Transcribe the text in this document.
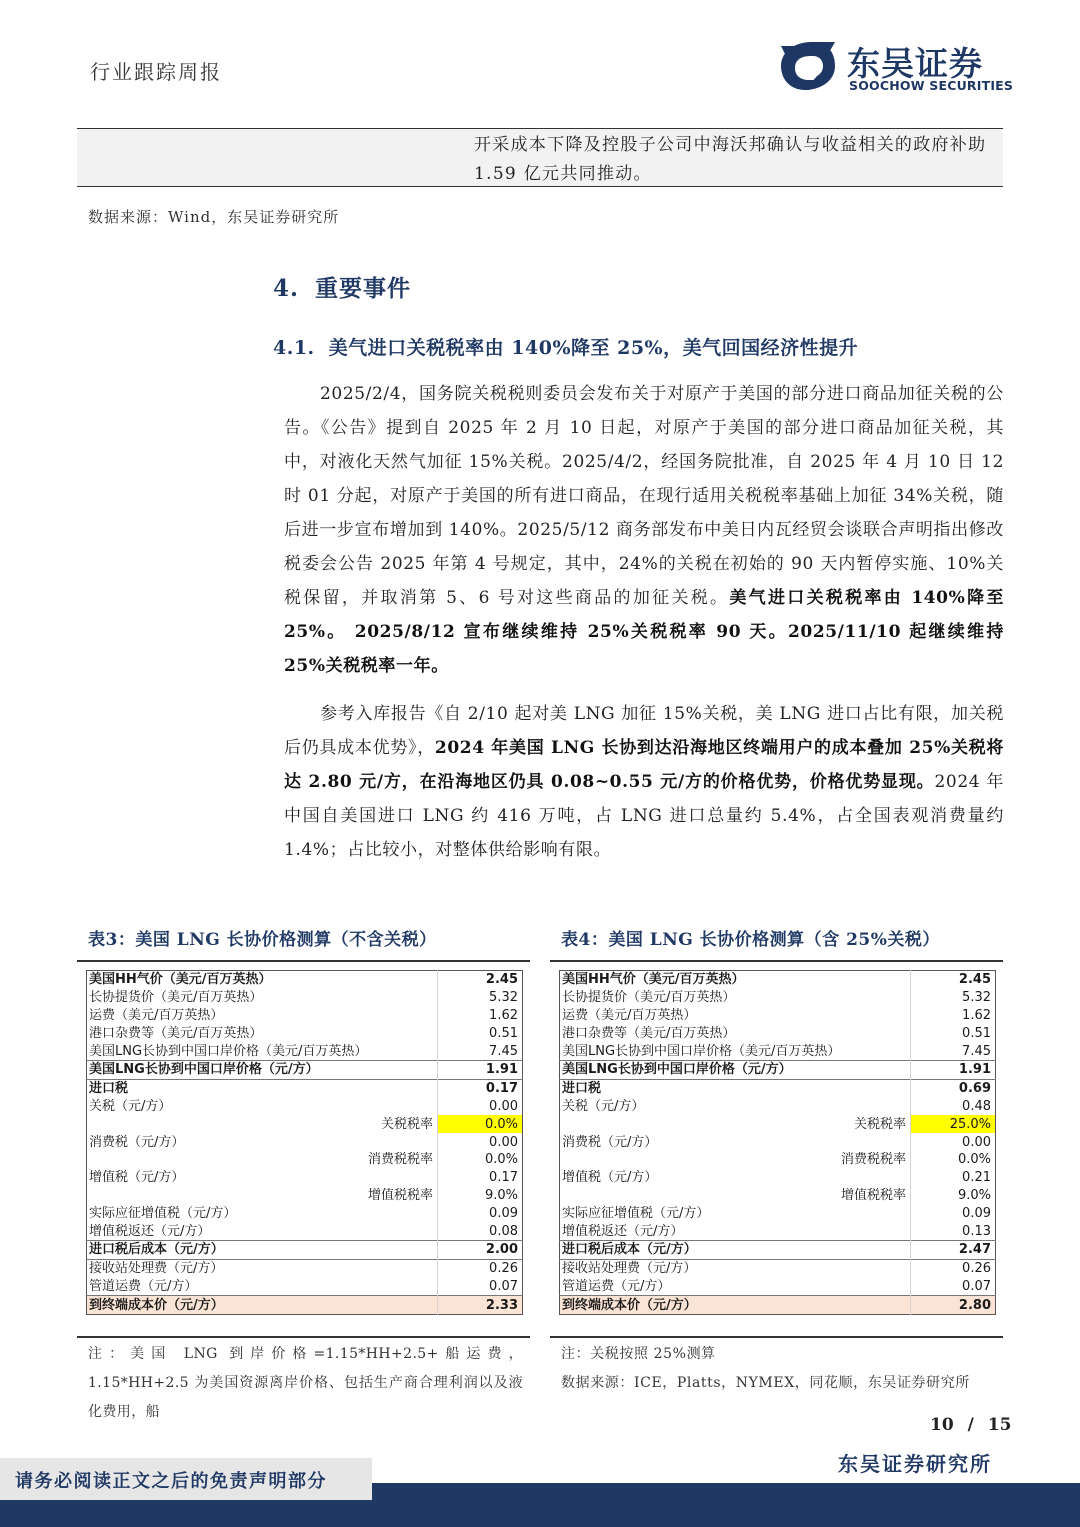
行业跟踪周报	东吴证券
SOOCHOW SECURITIES
开采成本下降及控股子公司中海沃邦确认与收益相关的政府补助 1.59 亿元共同推动。
数据来源：Wind，东吴证券研究所
4. 重要事件
4.1. 美气进口关税税率由 140%降至 25%，美气回国经济性提升
2025/2/4，国务院关税税则委员会发布关于对原产于美国的部分进口商品加征关税的公告。《公告》提到自 2025 年 2 月 10 日起，对原产于美国的部分进口商品加征关税，其中，对液化天然气加征 15%关税。2025/4/2，经国务院批准，自 2025 年 4 月 10 日 12 时 01 分起，对原产于美国的所有进口商品，在现行适用关税税率基础上加征 34%关税，随后进一步宣布增加到 140%。2025/5/12 商务部发布中美日内瓦经贸会谈联合声明指出修改税委会公告 2025 年第 4 号规定，其中，24%的关税在初始的 90 天内暂停实施、10%关税保留，并取消第 5、6 号对这些商品的加征关税。美气进口关税税率由 140%降至 25%。 2025/8/12 宣布继续维持 25%关税税率 90 天。2025/11/10 起继续维持 25%关税税率一年。
参考入库报告《自 2/10 起对美 LNG 加征 15%关税，美 LNG 进口占比有限，加关税后仍具成本优势》，2024 年美国 LNG 长协到达沿海地区终端用户的成本叠加 25%关税将达 2.80 元/方，在沿海地区仍具 0.08~0.55 元/方的价格优势，价格优势显现。2024 年中国自美国进口 LNG 约 416 万吨，占 LNG 进口总量约 5.4%，占全国表观消费量约 1.4%；占比较小，对整体供给影响有限。
表3：美国 LNG 长协价格测算（不含关税）	表4：美国 LNG 长协价格测算（含 25%关税）
美国HH气价（美元/百万英热）	2.45
长协提货价（美元/百万英热）	5.32
运费（美元/百万英热）	1.62
港口杂费等（美元/百万英热）	0.51
美国LNG长协到中国口岸价格（美元/百万英热）	7.45
美国LNG长协到中国口岸价格（元/方）	1.91
进口税	0.17
关税（元/方）	0.00
关税税率	0.0%
消费税（元/方）	0.00
消费税税率	0.0%
增值税（元/方）	0.17
增值税税率	9.0%
实际应征增值税（元/方）	0.09
增值税返还（元/方）	0.08
进口税后成本（元/方）	2.00
接收站处理费（元/方）	0.26
管道运费（元/方）	0.07
到终端成本价（元/方）	2.33
美国HH气价（美元/百万英热）	2.45
长协提货价（美元/百万英热）	5.32
运费（美元/百万英热）	1.62
港口杂费等（美元/百万英热）	0.51
美国LNG长协到中国口岸价格（美元/百万英热）	7.45
美国LNG长协到中国口岸价格（元/方）	1.91
进口税	0.69
关税（元/方）	0.48
关税税率	25.0%
消费税（元/方）	0.00
消费税税率	0.0%
增值税（元/方）	0.21
增值税税率	9.0%
实际应征增值税（元/方）	0.09
增值税返还（元/方）	0.13
进口税后成本（元/方）	2.47
接收站处理费（元/方）	0.26
管道运费（元/方）	0.07
到终端成本价（元/方）	2.80
注：美国 LNG 到岸价格=1.15*HH+2.5+船运费，1.15*HH+2.5 为美国资源离岸价格、包括生产商合理利润以及液化费用，船
注：关税按照 25%测算
数据来源：ICE，Platts，NYMEX，同花顺，东吴证券研究所
10 / 15
请务必阅读正文之后的免责声明部分
东吴证券研究所
